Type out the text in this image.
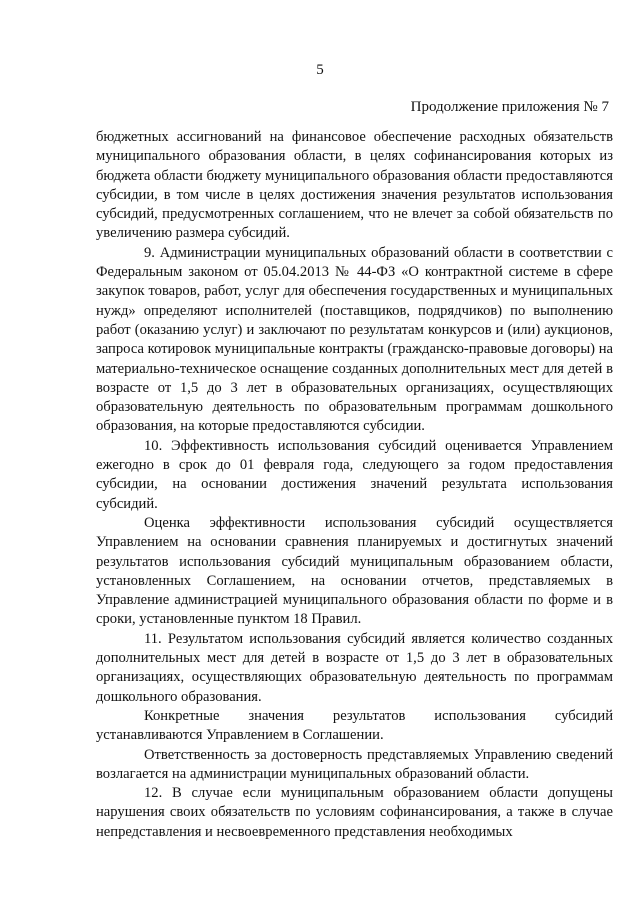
5
Продолжение приложения № 7

бюджетных ассигнований на финансовое обеспечение расходных обязательств муниципального образования области, в целях софинансирования которых из бюджета области бюджету муниципального образования области предоставляются субсидии, в том числе в целях достижения значения результатов использования субсидий, предусмотренных соглашением, что не влечет за собой обязательств по увеличению размера субсидий.

9. Администрации муниципальных образований области в соответствии с Федеральным законом от 05.04.2013 № 44-ФЗ «О контрактной системе в сфере закупок товаров, работ, услуг для обеспечения государственных и муниципальных нужд» определяют исполнителей (поставщиков, подрядчиков) по выполнению работ (оказанию услуг) и заключают по результатам конкурсов и (или) аукционов, запроса котировок муниципальные контракты (гражданско-правовые договоры) на материально-техническое оснащение созданных дополнительных мест для детей в возрасте от 1,5 до 3 лет в образовательных организациях, осуществляющих образовательную деятельность по образовательным программам дошкольного образования, на которые предоставляются субсидии.

10. Эффективность использования субсидий оценивается Управлением ежегодно в срок до 01 февраля года, следующего за годом предоставления субсидии, на основании достижения значений результата использования субсидий.

Оценка эффективности использования субсидий осуществляется Управлением на основании сравнения планируемых и достигнутых значений результатов использования субсидий муниципальным образованием области, установленных Соглашением, на основании отчетов, представляемых в Управление администрацией муниципального образования области по форме и в сроки, установленные пунктом 18 Правил.

11. Результатом использования субсидий является количество созданных дополнительных мест для детей в возрасте от 1,5 до 3 лет в образовательных организациях, осуществляющих образовательную деятельность по программам дошкольного образования.

Конкретные значения результатов использования субсидий устанавливаются Управлением в Соглашении.

Ответственность за достоверность представляемых Управлению сведений возлагается на администрации муниципальных образований области.

12. В случае если муниципальным образованием области допущены нарушения своих обязательств по условиям софинансирования, а также в случае непредставления и несвоевременного представления необходимых
